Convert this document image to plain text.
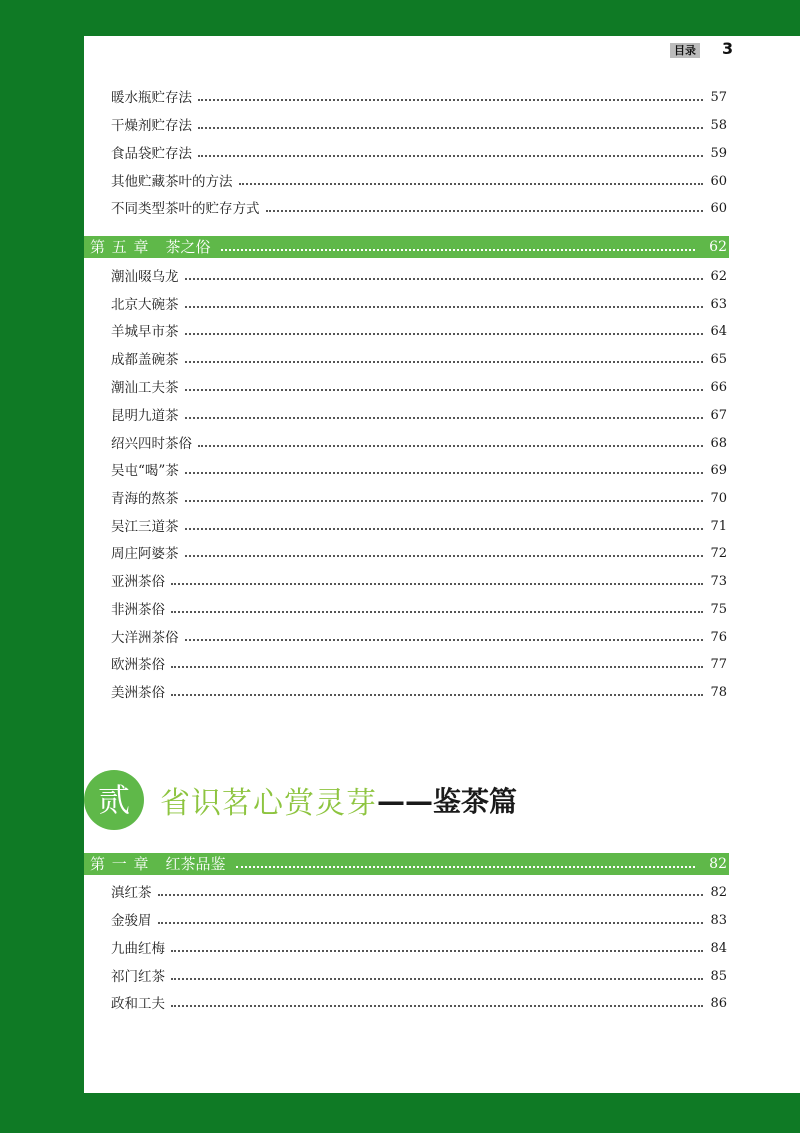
目录 3
暖水瓶贮存法	57
干燥剂贮存法	58
食品袋贮存法	59
其他贮藏茶叶的方法	60
不同类型茶叶的贮存方式	60
第 五 章 茶之俗	62
潮汕啜乌龙	62
北京大碗茶	63
羊城早市茶	64
成都盖碗茶	65
潮汕工夫茶	66
昆明九道茶	67
绍兴四时茶俗	68
吴屯“喝”茶	69
青海的熬茶	70
吴江三道茶	71
周庄阿婆茶	72
亚洲茶俗	73
非洲茶俗	75
大洋洲茶俗	76
欧洲茶俗	77
美洲茶俗	78
贰	省识茗心赏灵芽 ——鉴茶篇
第 一 章 红茶品鉴	82
滇红茶	82
金骏眉	83
九曲红梅	84
祁门红茶	85
政和工夫	86
